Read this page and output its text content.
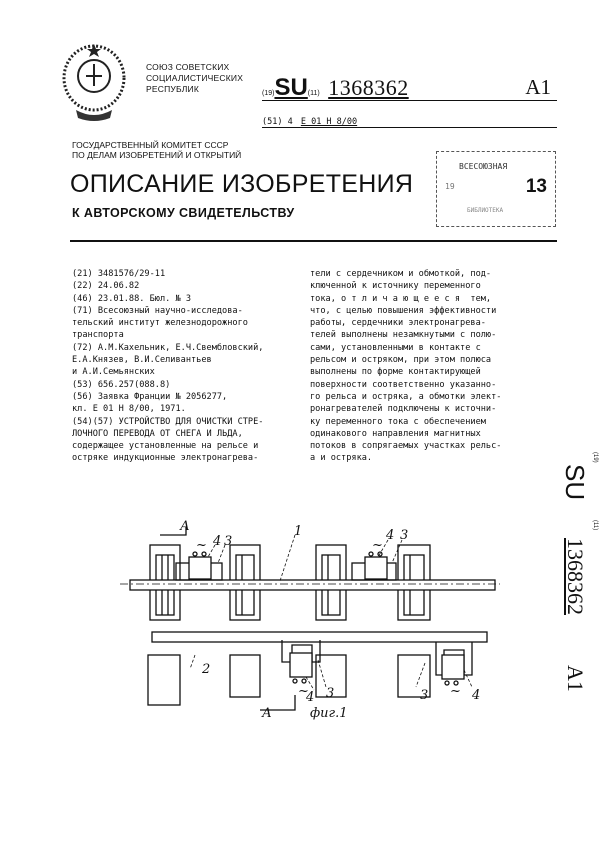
СОЮЗ СОВЕТСКИХ
СОЦИАЛИСТИЧЕСКИХ
РЕСПУБЛИК	(19)SU(11) 1368362	A1
(51) 4 E 01 H 8/00
ГОСУДАРСТВЕННЫЙ КОМИТЕТ СССР
ПО ДЕЛАМ ИЗОБРЕТЕНИЙ И ОТКРЫТИЙ
ОПИСАНИЕ ИЗОБРЕТЕНИЯ
К АВТОРСКОМУ СВИДЕТЕЛЬСТВУ
ВСЕСОЮЗНАЯ
13
19
БИБЛИОТЕКА

(21) 3481576/29-11

(22) 24.06.82

(46) 23.01.88. Бюл. № 3

(71) Всесоюзный научно-исследова-
тельский институт железнодорожного
транспорта

(72) А.М.Кахельник, Е.Ч.Свембловский,
Е.А.Князев, В.И.Селивантьев
и А.И.Семьянских

(53) 656.257(088.8)

(56) Заявка Франции № 2056277,
кл. E 01 H 8/00, 1971.

(54)(57) УСТРОЙСТВО ДЛЯ ОЧИСТКИ СТРЕ-
ЛОЧНОГО ПЕРЕВОДА ОТ СНЕГА И ЛЬДА,
содержащее установленные на рельсе и
остряке индукционные электронагрева-

тели с сердечником и обмоткой, под-
ключенной к источнику переменного
тока, о т л и ч а ю щ е е с я  тем,
что, с целью повышения эффективности
работы, сердечники электронагрева-
телей выполнены незамкнутыми с полю-
сами, установленными в контакте с
рельсом и остряком, при этом полюса
выполнены по форме контактирующей
поверхности соответственно указанно-
го рельса и остряка, а обмотки элект-
ронагревателей подключены к источни-
ку переменного тока с обеспечением
одинакового направления магнитных
потоков в сопрягаемых участках рельс-
а и остряка.	(19)
SU
(11)
1368362
A1
А
А
1
2
4 3	4 3
4 3	3	4
~	~
~	~
фиг.1
